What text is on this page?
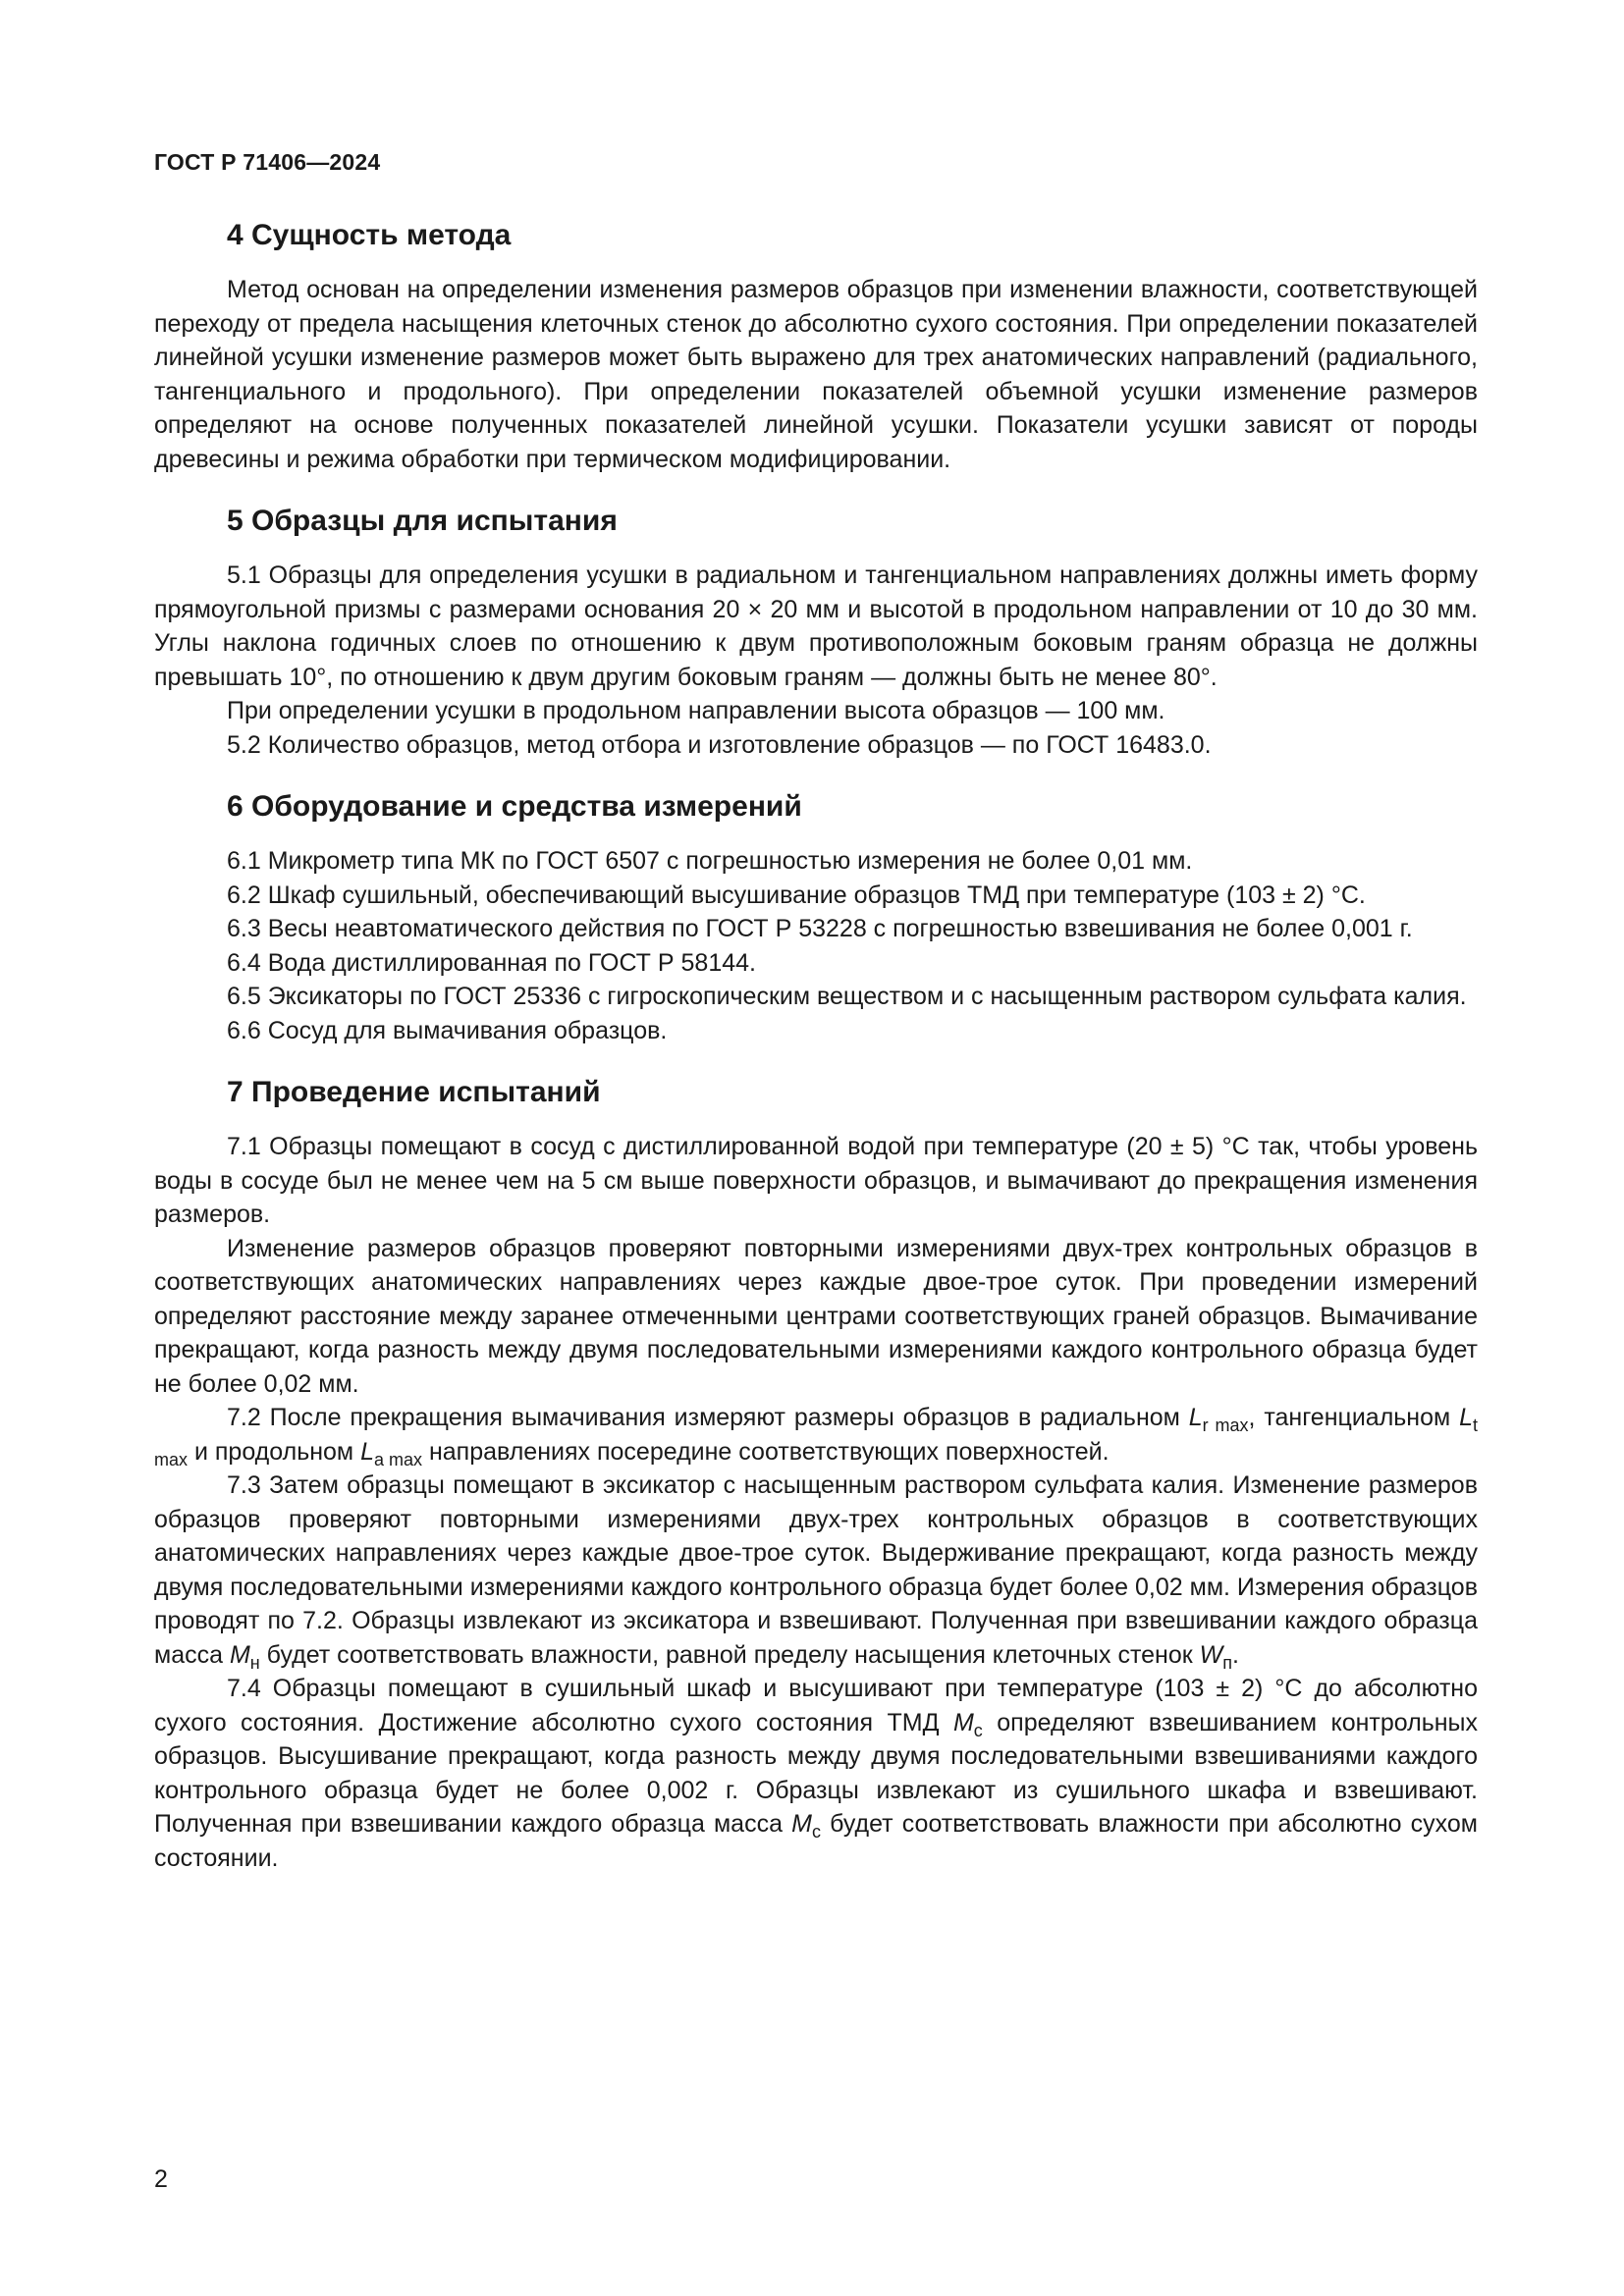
ГОСТ Р 71406—2024
4 Сущность метода

Метод основан на определении изменения размеров образцов при изменении влажности, соответствующей переходу от предела насыщения клеточных стенок до абсолютно сухого состояния. При определении показателей линейной усушки изменение размеров может быть выражено для трех анатомических направлений (радиального, тангенциального и продольного). При определении показателей объемной усушки изменение размеров определяют на основе полученных показателей линейной усушки. Показатели усушки зависят от породы древесины и режима обработки при термическом модифицировании.

5 Образцы для испытания

5.1 Образцы для определения усушки в радиальном и тангенциальном направлениях должны иметь форму прямоугольной призмы с размерами основания 20 × 20 мм и высотой в продольном направлении от 10 до 30 мм. Углы наклона годичных слоев по отношению к двум противоположным боковым граням образца не должны превышать 10°, по отношению к двум другим боковым граням — должны быть не менее 80°.

При определении усушки в продольном направлении высота образцов — 100 мм.

5.2 Количество образцов, метод отбора и изготовление образцов — по ГОСТ 16483.0.

6 Оборудование и средства измерений

6.1 Микрометр типа МК по ГОСТ 6507 с погрешностью измерения не более 0,01 мм.

6.2 Шкаф сушильный, обеспечивающий высушивание образцов ТМД при температуре (103 ± 2) °С.

6.3 Весы неавтоматического действия по ГОСТ Р 53228 с погрешностью взвешивания не более 0,001 г.

6.4 Вода дистиллированная по ГОСТ Р 58144.

6.5 Эксикаторы по ГОСТ 25336 с гигроскопическим веществом и с насыщенным раствором сульфата калия.

6.6 Сосуд для вымачивания образцов.

7 Проведение испытаний

7.1 Образцы помещают в сосуд с дистиллированной водой при температуре (20 ± 5) °С так, чтобы уровень воды в сосуде был не менее чем на 5 см выше поверхности образцов, и вымачивают до прекращения изменения размеров.

Изменение размеров образцов проверяют повторными измерениями двух-трех контрольных образцов в соответствующих анатомических направлениях через каждые двое-трое суток. При проведении измерений определяют расстояние между заранее отмеченными центрами соответствующих граней образцов. Вымачивание прекращают, когда разность между двумя последовательными измерениями каждого контрольного образца будет не более 0,02 мм.

7.2 После прекращения вымачивания измеряют размеры образцов в радиальном $L_{r max}$, тангенциальном $L_{t max}$ и продольном $L_{a max}$ направлениях посередине соответствующих поверхностей.

7.3 Затем образцы помещают в эксикатор с насыщенным раствором сульфата калия. Изменение размеров образцов проверяют повторными измерениями двух-трех контрольных образцов в соответствующих анатомических направлениях через каждые двое-трое суток. Выдерживание прекращают, когда разность между двумя последовательными измерениями каждого контрольного образца будет более 0,02 мм. Измерения образцов проводят по 7.2. Образцы извлекают из эксикатора и взвешивают. Полученная при взвешивании каждого образца масса $M_н$ будет соответствовать влажности, равной пределу насыщения клеточных стенок $W_п$.

7.4 Образцы помещают в сушильный шкаф и высушивают при температуре (103 ± 2) °С до абсолютно сухого состояния. Достижение абсолютно сухого состояния ТМД $M_c$ определяют взвешиванием контрольных образцов. Высушивание прекращают, когда разность между двумя последовательными взвешиваниями каждого контрольного образца будет не более 0,002 г. Образцы извлекают из сушильного шкафа и взвешивают. Полученная при взвешивании каждого образца масса $M_c$ будет соответствовать влажности при абсолютно сухом состоянии.

2
